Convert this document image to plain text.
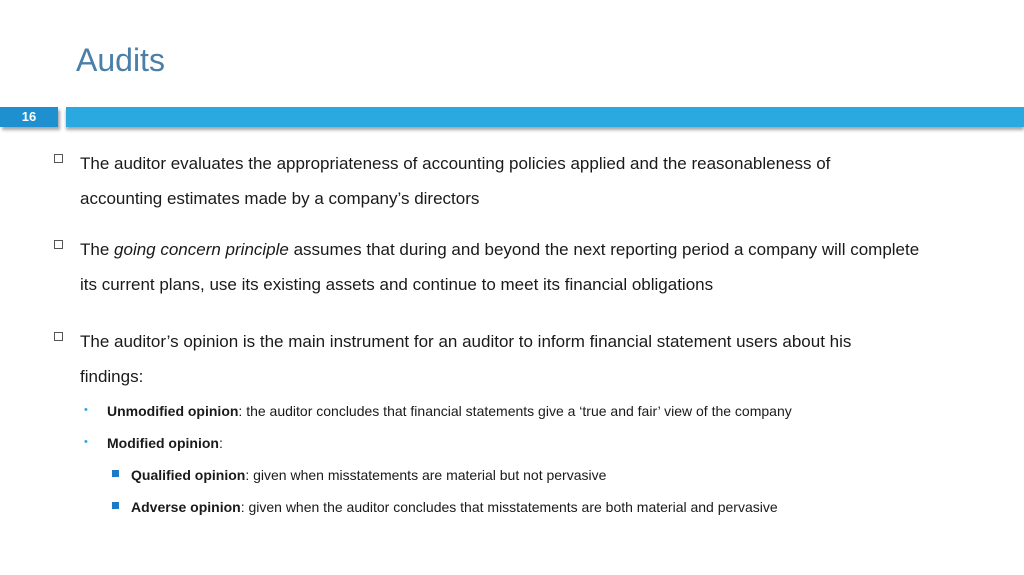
Audits
16
The auditor evaluates the appropriateness of accounting policies applied and the reasonableness of accounting estimates made by a company’s directors
The going concern principle assumes that during and beyond the next reporting period a company will complete its current plans, use its existing assets and continue to meet its financial obligations
The auditor’s opinion is the main instrument for an auditor to inform financial statement users about his findings:
• Unmodified opinion: the auditor concludes that financial statements give a ‘true and fair’ view of the company
• Modified opinion:
Qualified opinion: given when misstatements are material but not pervasive
Adverse opinion: given when the auditor concludes that misstatements are both material and pervasive
